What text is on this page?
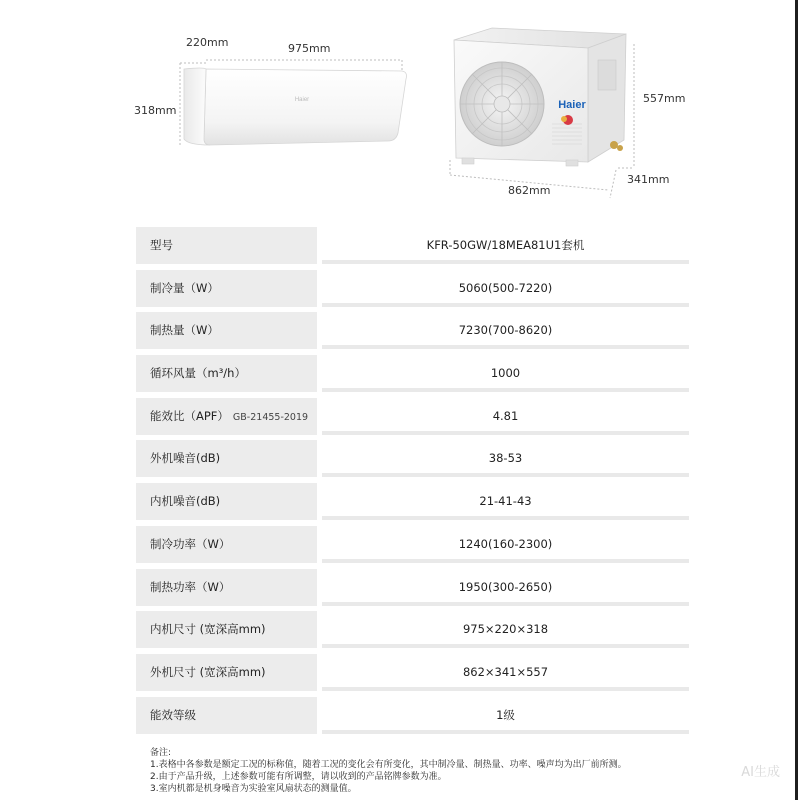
Haier
220mm	975mm
318mm	Haier	557mm
862mm
341mm
型号	KFR-50GW/18MEA81U1套机
制冷量（W）	5060(500-7220)
制热量（W）	7230(700-8620)
循环风量（m³/h）	1000
能效比（APF） GB-21455-2019	4.81
外机噪音(dB)	38-53
内机噪音(dB)	21-41-43
制冷功率（W）	1240(160-2300)
制热功率（W）	1950(300-2650)
内机尺寸 (宽深高mm)	975×220×318
外机尺寸 (宽深高mm)	862×341×557
能效等级	1级
备注:
1.表格中各参数是额定工况的标称值，随着工况的变化会有所变化，其中制冷量、制热量、功率、噪声均为出厂前所测。
2.由于产品升级，上述参数可能有所调整，请以收到的产品铭牌参数为准。
3.室内机都是机身噪音为实验室风扇状态的测量值。
AI生成
